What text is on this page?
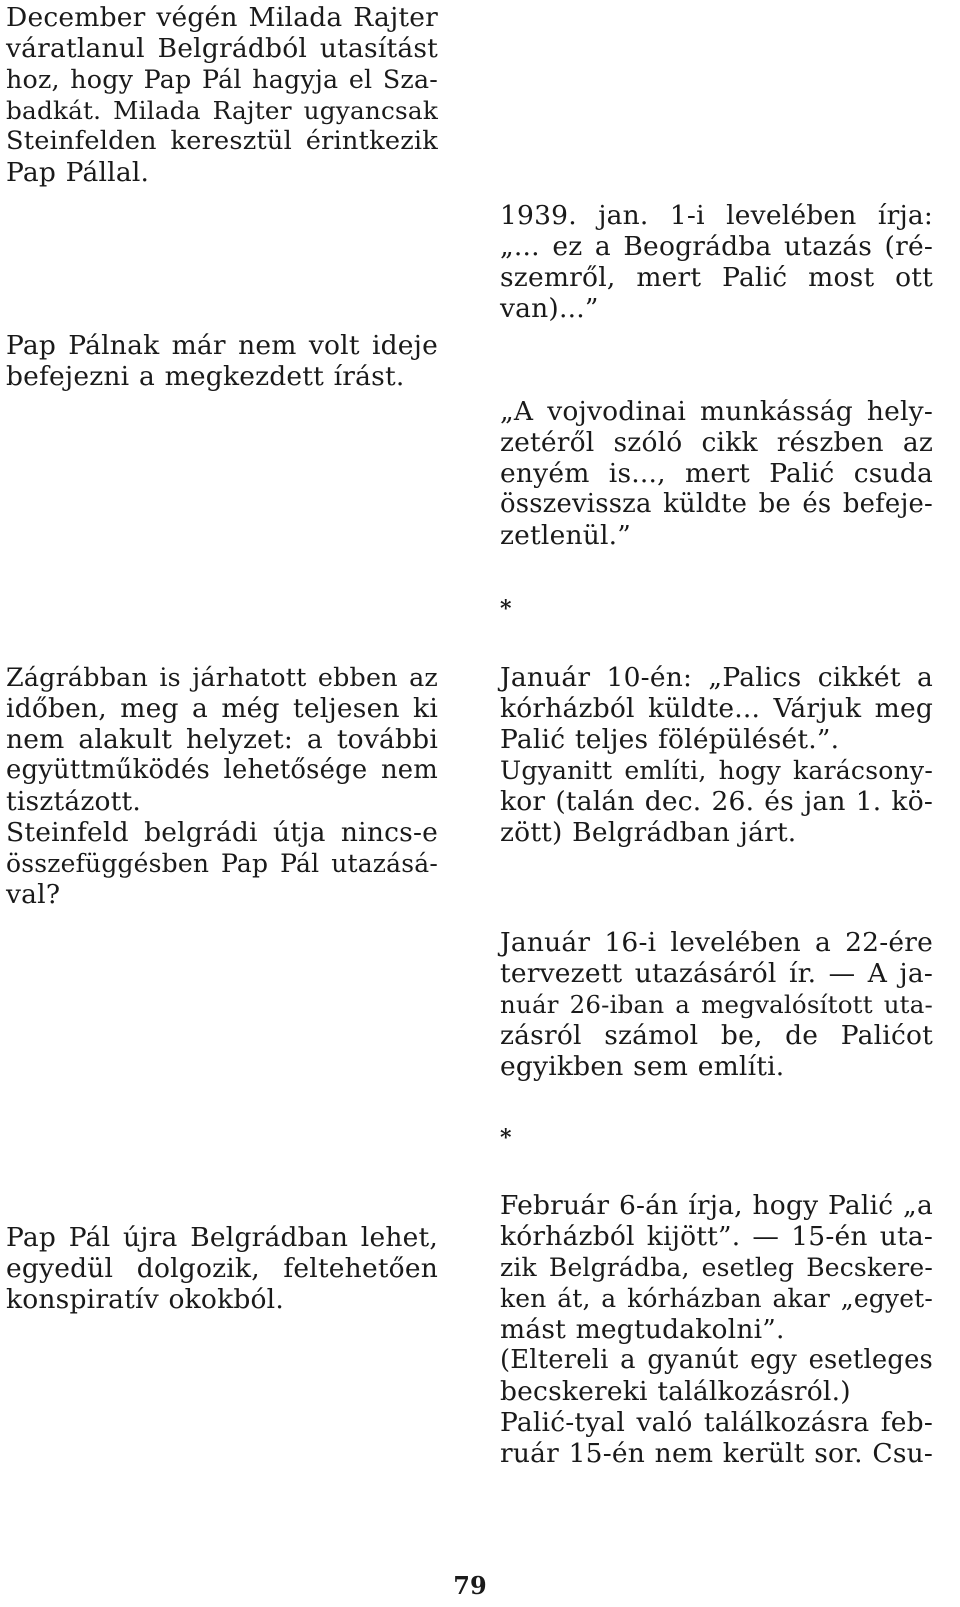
December végén Milada Rajter
váratlanul Belgrádból utasítást
hoz, hogy Pap Pál hagyja el Sza-
badkát. Milada Rajter ugyancsak
Steinfelden keresztül érintkezik
Pap Pállal.
Pap Pálnak már nem volt ideje
befejezni a megkezdett írást.
Zágrábban is járhatott ebben az
időben, meg a még teljesen ki
nem alakult helyzet: a további
együttműködés lehetősége nem
tisztázott.
Steinfeld belgrádi útja nincs-e
összefüggésben Pap Pál utazásá-
val?
Pap Pál újra Belgrádban lehet,
egyedül dolgozik, feltehetően
konspiratív okokból.
1939. jan. 1-i levelében írja:
„... ez a Beográdba utazás (ré-
szemről, mert Palić most ott
van)...”
„A vojvodinai munkásság hely-
zetéről szóló cikk részben az
enyém is..., mert Palić csuda
összevissza küldte be és befeje-
zetlenül.”
*
Január 10-én: „Palics cikkét a
kórházból küldte... Várjuk meg
Palić teljes fölépülését.”.
Ugyanitt említi, hogy karácsony-
kor (talán dec. 26. és jan 1. kö-
zött) Belgrádban járt.
Január 16-i levelében a 22-ére
tervezett utazásáról ír. — A ja-
nuár 26-iban a megvalósított uta-
zásról számol be, de Palićot
egyikben sem említi.
*
Február 6-án írja, hogy Palić „a
kórházból kijött”. — 15-én uta-
zik Belgrádba, esetleg Becskere-
ken át, a kórházban akar „egyet-
mást megtudakolni”.
(Eltereli a gyanút egy esetleges
becskereki találkozásról.)
Palić-tyal való találkozásra feb-
ruár 15-én nem került sor. Csu-
79
